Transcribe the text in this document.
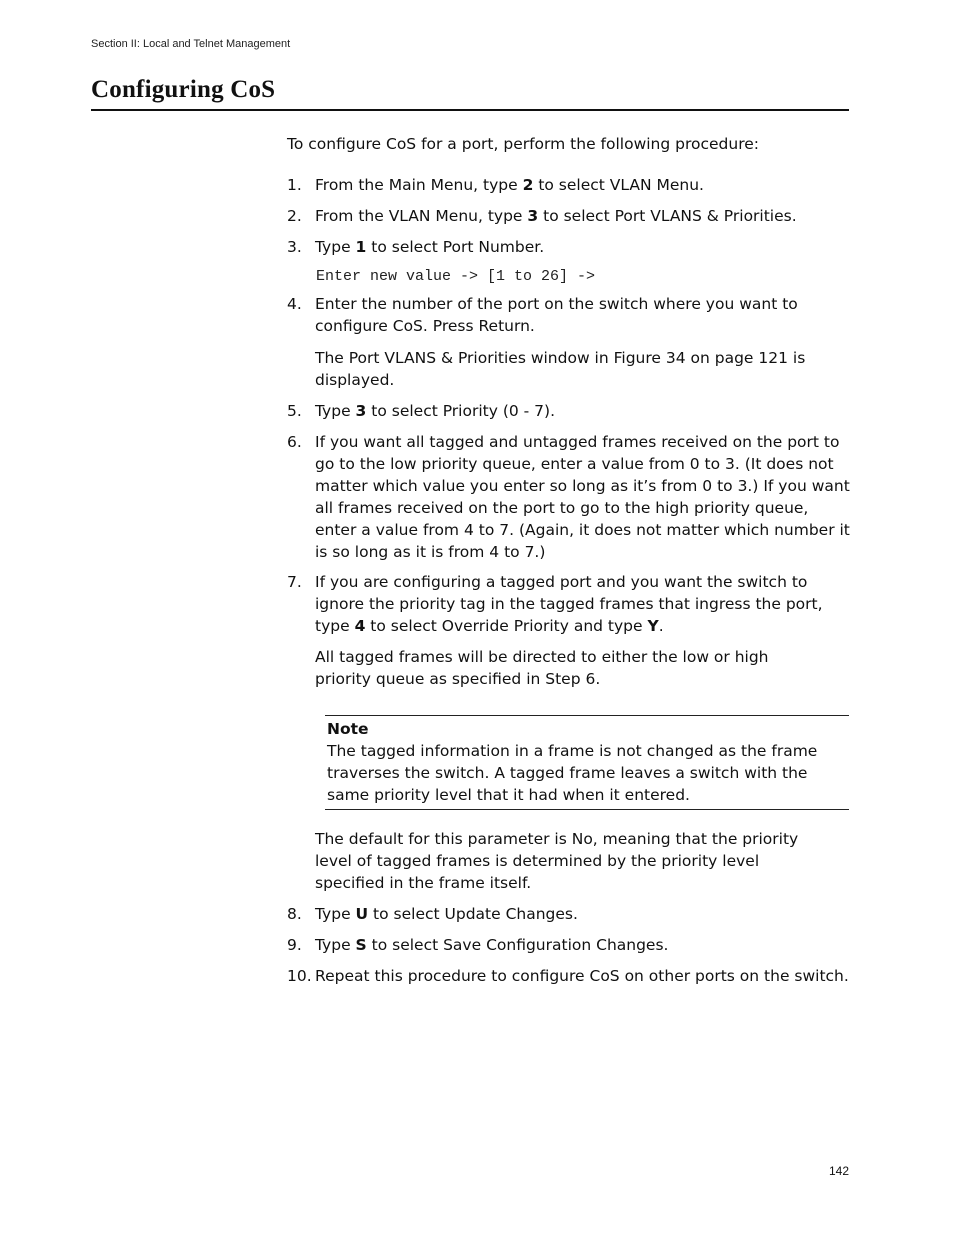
Section II: Local and Telnet Management
Configuring CoS
To configure CoS for a port, perform the following procedure:
1. From the Main Menu, type 2 to select VLAN Menu.
2. From the VLAN Menu, type 3 to select Port VLANS & Priorities.
3. Type 1 to select Port Number.
Enter new value -> [1 to 26] ->
4. Enter the number of the port on the switch where you want to configure CoS. Press Return.
The Port VLANS & Priorities window in Figure 34 on page 121 is displayed.
5. Type 3 to select Priority (0 - 7).
6. If you want all tagged and untagged frames received on the port to go to the low priority queue, enter a value from 0 to 3. (It does not matter which value you enter so long as it’s from 0 to 3.) If you want all frames received on the port to go to the high priority queue, enter a value from 4 to 7. (Again, it does not matter which number it is so long as it is from 4 to 7.)
7. If you are configuring a tagged port and you want the switch to ignore the priority tag in the tagged frames that ingress the port, type 4 to select Override Priority and type Y.
All tagged frames will be directed to either the low or high priority queue as specified in Step 6.
Note
The tagged information in a frame is not changed as the frame traverses the switch. A tagged frame leaves a switch with the same priority level that it had when it entered.
The default for this parameter is No, meaning that the priority level of tagged frames is determined by the priority level specified in the frame itself.
8. Type U to select Update Changes.
9. Type S to select Save Configuration Changes.
10. Repeat this procedure to configure CoS on other ports on the switch.
142
